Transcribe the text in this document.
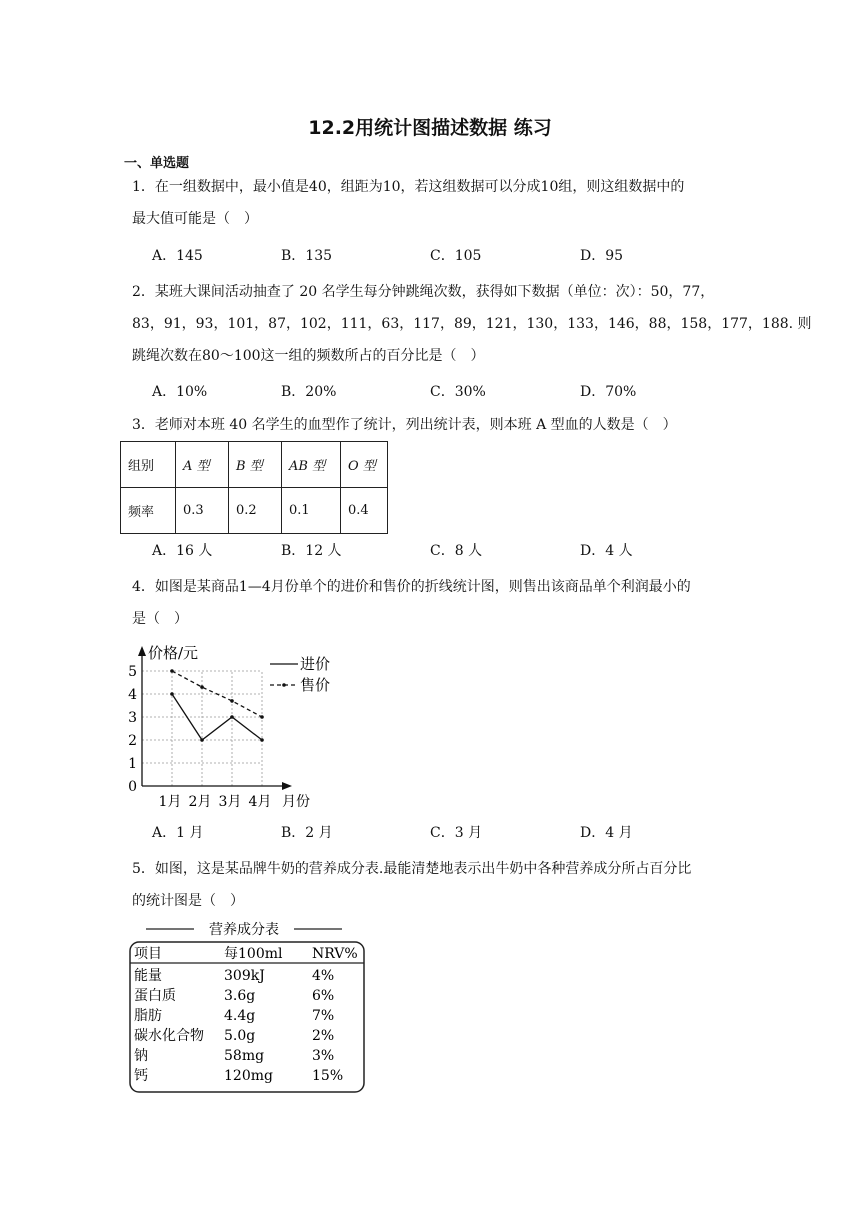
12.2用统计图描述数据 练习
一、单选题
1．在一组数据中，最小值是40，组距为10，若这组数据可以分成10组，则这组数据中的
最大值可能是（　）
A．145	B．135	C．105	D．95
2．某班大课间活动抽查了 20 名学生每分钟跳绳次数，获得如下数据（单位：次）：50，77，
83，91，93，101，87，102，111，63，117，89，121，130，133，146，88，158，177，188. 则
跳绳次数在80～100这一组的频数所占的百分比是（　）
A．10%	B．20%	C．30%	D．70%
3．老师对本班 40 名学生的血型作了统计，列出统计表，则本班 A 型血的人数是（　）
组别	A 型	B 型	AB 型	O 型
频率	0.3	0.2	0.1	0.4
A．16 人	B．12 人	C．8 人	D．4 人
4．如图是某商品1—4月份单个的进价和售价的折线统计图，则售出该商品单个利润最小的
是（　）
0
1
2
3
4
5
1月 2月 3月 4月
价格/元
月份
进价
售价
A．1 月	B．2 月	C．3 月	D．4 月
5．如图，这是某品牌牛奶的营养成分表.最能清楚地表示出牛奶中各种营养成分所占百分比
的统计图是（　）
营养成分表
项目	每100ml NRV%
能量	309kJ	4%
蛋白质	3.6g	6%
脂肪	4.4g	7%
碳水化合物 5.0g	2%
钠	58mg	3%
钙	120mg	15%
